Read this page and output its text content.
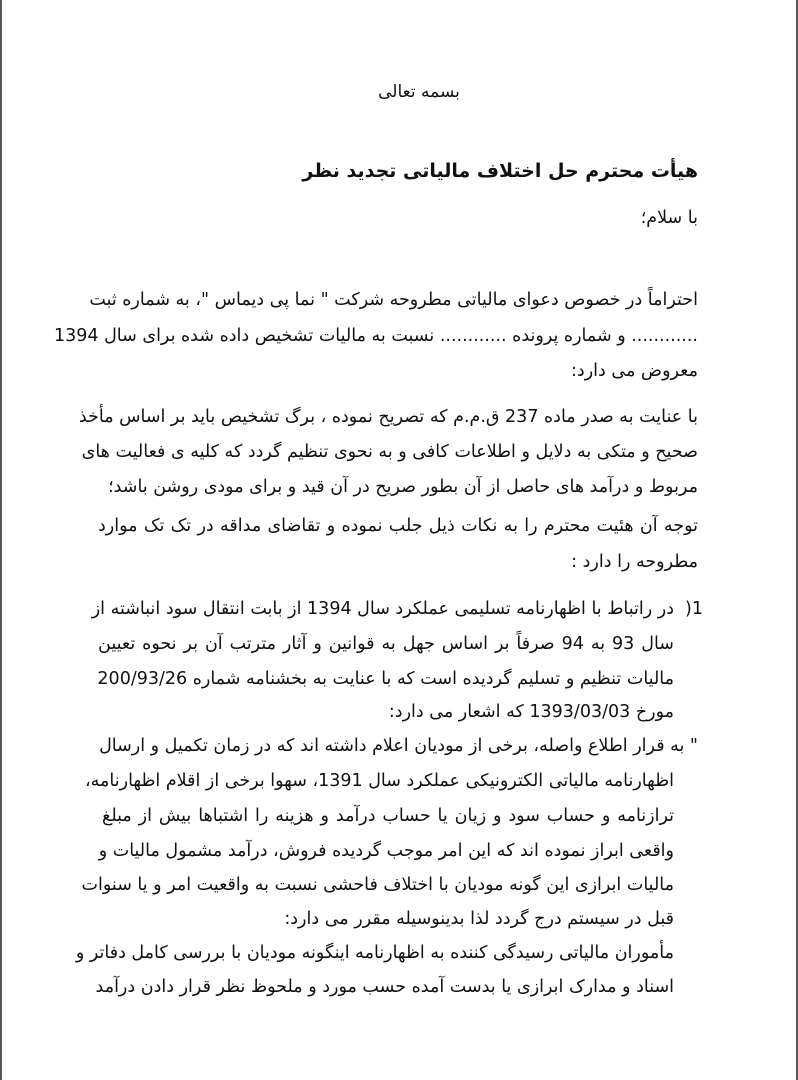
بسمه تعالی
هیأت محترم حل اختلاف مالیاتی تجدید نظر
با سلام؛
احتراماً در خصوص دعوای مالیاتی مطروحه شرکت " نما پی دیماس "، به شماره ثبت
............ و شماره پرونده ............ نسبت به مالیات تشخیص داده شده برای سال 1394
معروض می دارد:
با عنایت به صدر ماده 237 ق.م.م که تصریح نموده ، برگ تشخیص باید بر اساس مأخذ
صحیح و متکی به دلایل و اطلاعات کافی و به نحوی تنظیم گردد که کلیه ی فعالیت های
مربوط و درآمد های حاصل از آن بطور صریح در آن قید و برای مودی روشن باشد؛
توجه آن هئیت محترم را به نکات ذیل جلب نموده و تقاضای مداقه در تک تک موارد
مطروحه را دارد :
1(
در راتباط با اظهارنامه تسلیمی عملکرد سال 1394 از بابت انتقال سود انباشته از
سال 93 به 94 صرفاً بر اساس جهل به قوانین و آثار مترتب آن بر نحوه تعیین
مالیات تنظیم و تسلیم گردیده است که با عنایت به بخشنامه شماره 200/93/26
مورخ 1393/03/03 که اشعار می دارد:
" به قرار اطلاع واصله، برخی از مودیان اعلام داشته اند که در زمان تکمیل و ارسال
اظهارنامه مالیاتی الکترونیکی عملکرد سال 1391، سهوا برخی از اقلام اظهارنامه،
ترازنامه و حساب سود و زیان یا حساب درآمد و هزینه را اشتباها بیش از مبلغ
واقعی ابراز نموده اند که این امر موجب گردیده فروش، درآمد مشمول مالیات و
مالیات ابرازی این گونه مودیان با اختلاف فاحشی نسبت به واقعیت امر و یا سنوات
قبل در سیستم درج گردد لذا بدینوسیله مقرر می دارد:
مأموران مالیاتی رسیدگی کننده به اظهارنامه اینگونه مودیان با بررسی کامل دفاتر و
اسناد و مدارک ابرازی یا بدست آمده حسب مورد و ملحوظ نظر قرار دادن درآمد
